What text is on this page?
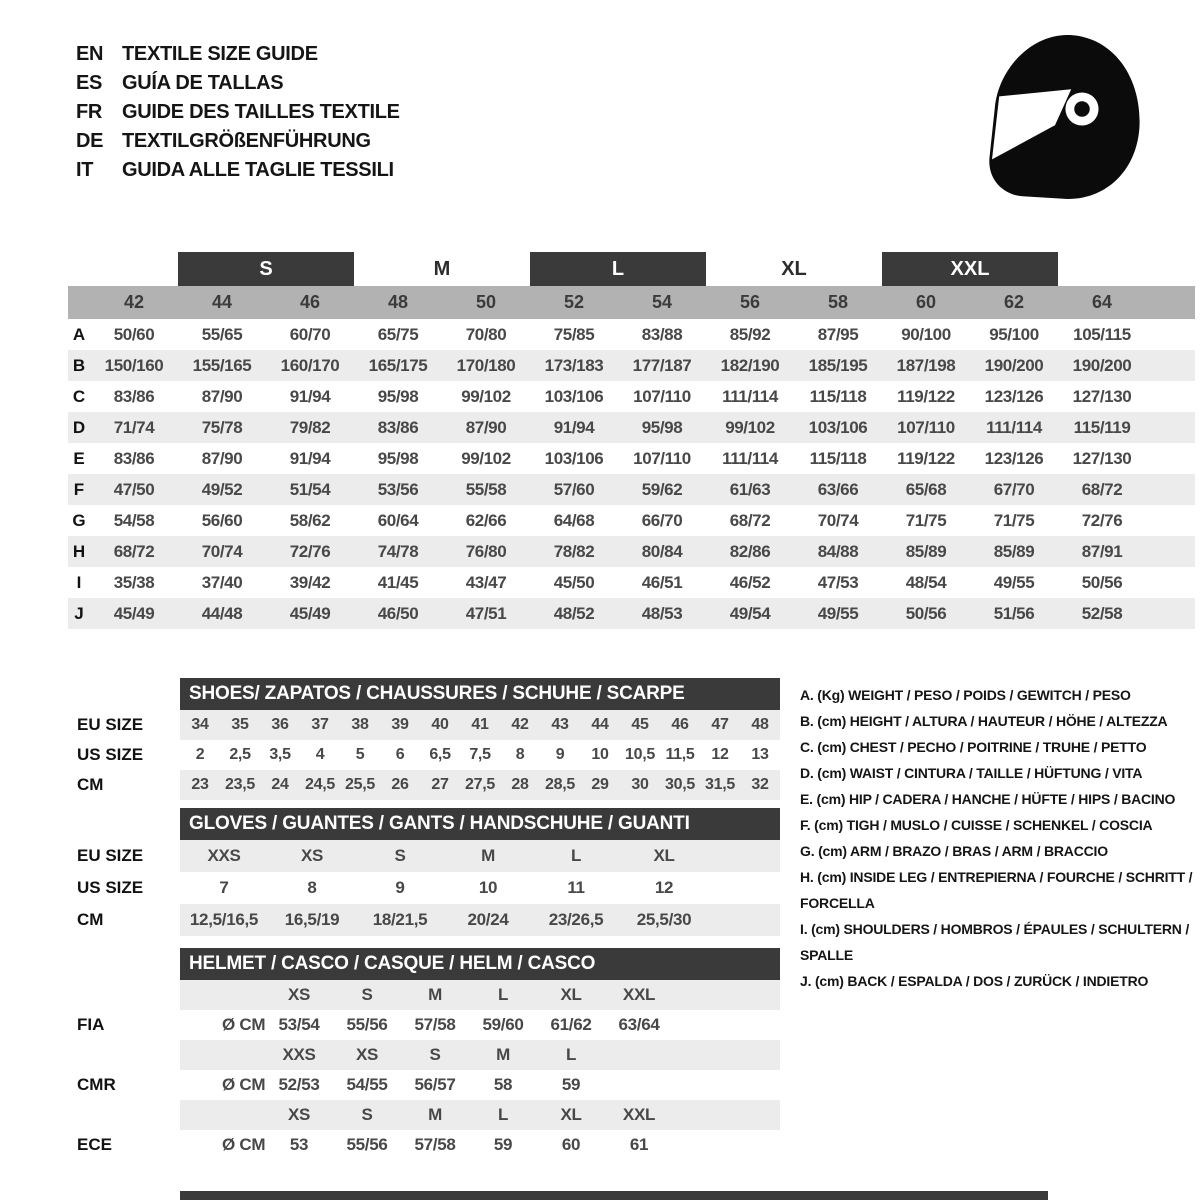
EN TEXTILE SIZE GUIDE
ES GUÍA DE TALLAS
FR GUIDE DES TAILLES TEXTILE
DE TEXTILGRÖßENFÜHRUNG
IT	GUIDA ALLE TAGLIE TESSILI
S	M	L	XL	XXL
42	44	46	48	50	52	54	56	58	60	62	64
A	50/60	55/65	60/70	65/75	70/80	75/85	83/88	85/92	87/95	90/100	95/100	105/115
B	150/160	155/165	160/170	165/175	170/180	173/183	177/187	182/190	185/195	187/198	190/200	190/200
C	83/86	87/90	91/94	95/98	99/102	103/106	107/110	111/114	115/118	119/122	123/126	127/130
D	71/74	75/78	79/82	83/86	87/90	91/94	95/98	99/102	103/106	107/110	111/114	115/119
E	83/86	87/90	91/94	95/98	99/102	103/106	107/110	111/114	115/118	119/122	123/126	127/130
F	47/50	49/52	51/54	53/56	55/58	57/60	59/62	61/63	63/66	65/68	67/70	68/72
G	54/58	56/60	58/62	60/64	62/66	64/68	66/70	68/72	70/74	71/75	71/75	72/76
H	68/72	70/74	72/76	74/78	76/80	78/82	80/84	82/86	84/88	85/89	85/89	87/91
I	35/38	37/40	39/42	41/45	43/47	45/50	46/51	46/52	47/53	48/54	49/55	50/56
J	45/49	44/48	45/49	46/50	47/51	48/52	48/53	49/54	49/55	50/56	51/56	52/58
SHOES/ ZAPATOS / CHAUSSURES / SCHUHE / SCARPE
EU SIZE	34	35	36	37	38	39	40	41	42	43	44	45	46	47	48
US SIZE	2	2,5	3,5	4	5	6	6,5	7,5	8	9	10	10,5 11,5	12	13
CM	23	23,5	24	24,5 25,5	26	27	27,5	28	28,5	29	30	30,5 31,5	32
GLOVES / GUANTES / GANTS / HANDSCHUHE / GUANTI
EU SIZE	XXS	XS	S	M	L	XL
US SIZE	7	8	9	10	11	12
CM	12,5/16,5	16,5/19	18/21,5	20/24	23/26,5	25,5/30
HELMET / CASCO / CASQUE / HELM / CASCO
XS	S	M	L	XL	XXL
FIA	Ø CM 53/54	55/56	57/58	59/60	61/62	63/64
XXS	XS	S	M	L
CMR	Ø CM 52/53	54/55	56/57	58	59
XS	S	M	L	XL	XXL
ECE	Ø CM	53	55/56	57/58	59	60	61
A. (Kg) WEIGHT / PESO / POIDS / GEWITCH / PESO
B. (cm) HEIGHT / ALTURA / HAUTEUR / HÖHE / ALTEZZA
C. (cm) CHEST / PECHO / POITRINE / TRUHE / PETTO
D. (cm) WAIST / CINTURA / TAILLE / HÜFTUNG / VITA
E. (cm) HIP / CADERA / HANCHE / HÜFTE / HIPS / BACINO
F. (cm) TIGH / MUSLO / CUISSE / SCHENKEL / COSCIA
G. (cm) ARM / BRAZO / BRAS / ARM / BRACCIO
H. (cm) INSIDE LEG / ENTREPIERNA / FOURCHE / SCHRITT / FORCELLA
I. (cm) SHOULDERS / HOMBROS / ÉPAULES / SCHULTERN / SPALLE
J. (cm) BACK / ESPALDA / DOS / ZURÜCK / INDIETRO
